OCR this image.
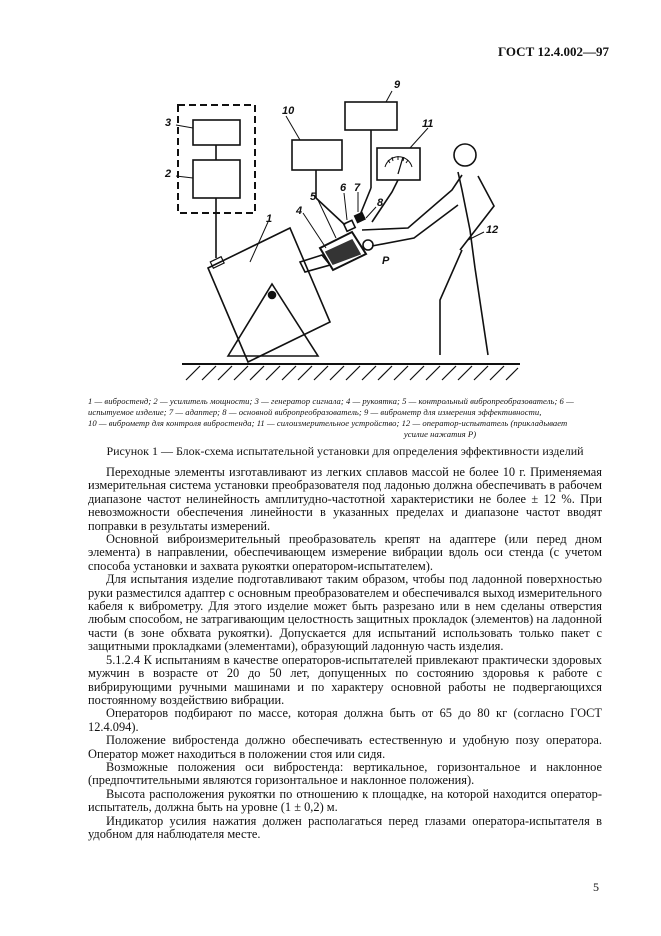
ГОСТ 12.4.002—97
3
2
10
9
11
1
4
5
6 7
8
12
P
1 — вибростенд; 2 — усилитель мощности; 3 — генератор сигнала; 4 — рукоятка; 5 — контрольный вибропреобразователь; 6 —
испытуемое изделие; 7 — адаптер; 8 — основной вибропреобразователь; 9 — виброметр для измерения эффективности,
10 — виброметр для контроля вибростенда; 11 — силоизмерительное устройство; 12 — оператор-испытатель (прикладывает
усилие нажатия P)
Рисунок 1 — Блок-схема испытательной установки для определения эффективности изделий

Переходные элементы изготавливают из легких сплавов массой не более 10 г. Применяемая измерительная система установки преобразователя под ладонью должна обеспечивать в рабочем диапазоне частот нелинейность амплитудно-частотной характеристики не более ± 12 %. При невозможности обеспечения линейности в указанных пределах и диапазоне частот вводят поправки в результаты измерений.

Основной виброизмерительный преобразователь крепят на адаптере (или перед дном элемента) в направлении, обеспечивающем измерение вибрации вдоль оси стенда (с учетом способа установки и захвата рукоятки оператором-испытателем).

Для испытания изделие подготавливают таким образом, чтобы под ладонной поверхностью руки разместился адаптер с основным преобразователем и обеспечивался выход измерительного кабеля к виброметру. Для этого изделие может быть разрезано или в нем сделаны отверстия любым способом, не затрагивающим целостность защитных прокладок (элементов) на ладонной части (в зоне обхвата рукоятки). Допускается для испытаний использовать только пакет с защитными прокладками (элементами), образующий ладонную часть изделия.

5.1.2.4 К испытаниям в качестве операторов-испытателей привлекают практически здоровых мужчин в возрасте от 20 до 50 лет, допущенных по состоянию здоровья к работе с вибрирующими ручными машинами и по характеру основной работы не подвергающихся постоянному воздействию вибрации.

Операторов подбирают по массе, которая должна быть от 65 до 80 кг (согласно ГОСТ 12.4.094).

Положение вибростенда должно обеспечивать естественную и удобную позу оператора. Оператор может находиться в положении стоя или сидя.

Возможные положения оси вибростенда: вертикальное, горизонтальное и наклонное (предпочтительными являются горизонтальное и наклонное положения).

Высота расположения рукоятки по отношению к площадке, на которой находится оператор-испытатель, должна быть на уровне (1 ± 0,2) м.

Индикатор усилия нажатия должен располагаться перед глазами оператора-испытателя в удобном для наблюдателя месте.

5
